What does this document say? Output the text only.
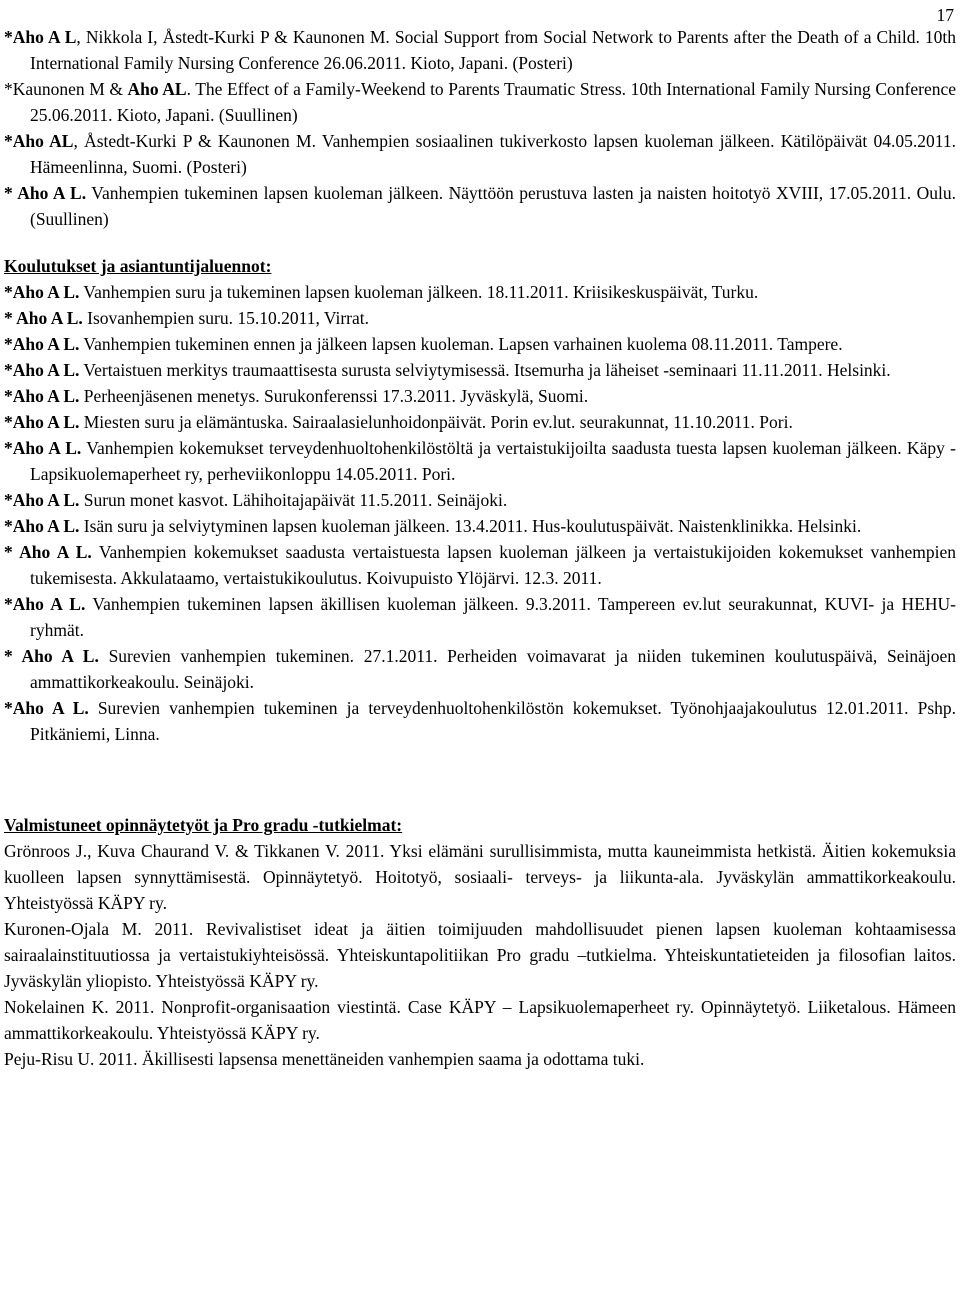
17

*Aho A L, Nikkola I, Åstedt-Kurki P & Kaunonen M. Social Support from Social Network to Parents after the Death of a Child. 10th International Family Nursing Conference 26.06.2011. Kioto, Japani. (Posteri)

*Kaunonen M & Aho AL. The Effect of a Family-Weekend to Parents Traumatic Stress. 10th International Family Nursing Conference 25.06.2011. Kioto, Japani. (Suullinen)

*Aho AL, Åstedt-Kurki P & Kaunonen M. Vanhempien sosiaalinen tukiverkosto lapsen kuoleman jälkeen. Kätilöpäivät 04.05.2011. Hämeenlinna, Suomi. (Posteri)

* Aho A L. Vanhempien tukeminen lapsen kuoleman jälkeen. Näyttöön perustuva lasten ja naisten hoitotyö XVIII, 17.05.2011. Oulu. (Suullinen)

Koulutukset ja asiantuntijaluennot:

*Aho A L. Vanhempien suru ja tukeminen lapsen kuoleman jälkeen. 18.11.2011. Kriisikeskuspäivät, Turku.

* Aho A L. Isovanhempien suru. 15.10.2011, Virrat.

*Aho A L. Vanhempien tukeminen ennen ja jälkeen lapsen kuoleman. Lapsen varhainen kuolema 08.11.2011. Tampere.

*Aho A L. Vertaistuen merkitys traumaattisesta surusta selviytymisessä. Itsemurha ja läheiset -seminaari 11.11.2011. Helsinki.

*Aho A L. Perheenjäsenen menetys. Surukonferenssi 17.3.2011. Jyväskylä, Suomi.

*Aho A L. Miesten suru ja elämäntuska. Sairaalasielunhoidonpäivät. Porin ev.lut. seurakunnat, 11.10.2011. Pori.

*Aho A L. Vanhempien kokemukset terveydenhuoltohenkilöstöltä ja vertaistukijoilta saadusta tuesta lapsen kuoleman jälkeen. Käpy - Lapsikuolemaperheet ry, perheviikonloppu 14.05.2011. Pori.

*Aho A L. Surun monet kasvot. Lähihoitajapäivät 11.5.2011. Seinäjoki.

*Aho A L. Isän suru ja selviytyminen lapsen kuoleman jälkeen. 13.4.2011. Hus-koulutuspäivät. Naistenklinikka. Helsinki.

* Aho A L. Vanhempien kokemukset saadusta vertaistuesta lapsen kuoleman jälkeen ja vertaistukijoiden kokemukset vanhempien tukemisesta. Akkulataamo, vertaistukikoulutus. Koivupuisto Ylöjärvi. 12.3. 2011.

*Aho A L. Vanhempien tukeminen lapsen äkillisen kuoleman jälkeen. 9.3.2011. Tampereen ev.lut seurakunnat, KUVI- ja HEHU-ryhmät.

* Aho A L. Surevien vanhempien tukeminen. 27.1.2011. Perheiden voimavarat ja niiden tukeminen koulutuspäivä, Seinäjoen ammattikorkeakoulu. Seinäjoki.

*Aho A L. Surevien vanhempien tukeminen ja terveydenhuoltohenkilöstön kokemukset. Työnohjaajakoulutus 12.01.2011. Pshp. Pitkäniemi, Linna.

Valmistuneet opinnäytetyöt ja Pro gradu -tutkielmat:

Grönroos J., Kuva Chaurand V. & Tikkanen V. 2011. Yksi elämäni surullisimmista, mutta kauneimmista hetkistä. Äitien kokemuksia kuolleen lapsen synnyttämisestä. Opinnäytetyö. Hoitotyö, sosiaali- terveys- ja liikunta-ala. Jyväskylän ammattikorkeakoulu. Yhteistyössä KÄPY ry.

Kuronen-Ojala M. 2011. Revivalistiset ideat ja äitien toimijuuden mahdollisuudet pienen lapsen kuoleman kohtaamisessa sairaalainstituutiossa ja vertaistukiyhteisössä. Yhteiskuntapolitiikan Pro gradu –tutkielma. Yhteiskuntatieteiden ja filosofian laitos. Jyväskylän yliopisto. Yhteistyössä KÄPY ry.

Nokelainen K. 2011. Nonprofit-organisaation viestintä. Case KÄPY – Lapsikuolemaperheet ry. Opinnäytetyö. Liiketalous. Hämeen ammattikorkeakoulu. Yhteistyössä KÄPY ry.

Peju-Risu U. 2011. Äkillisesti lapsensa menettäneiden vanhempien saama ja odottama tuki.
